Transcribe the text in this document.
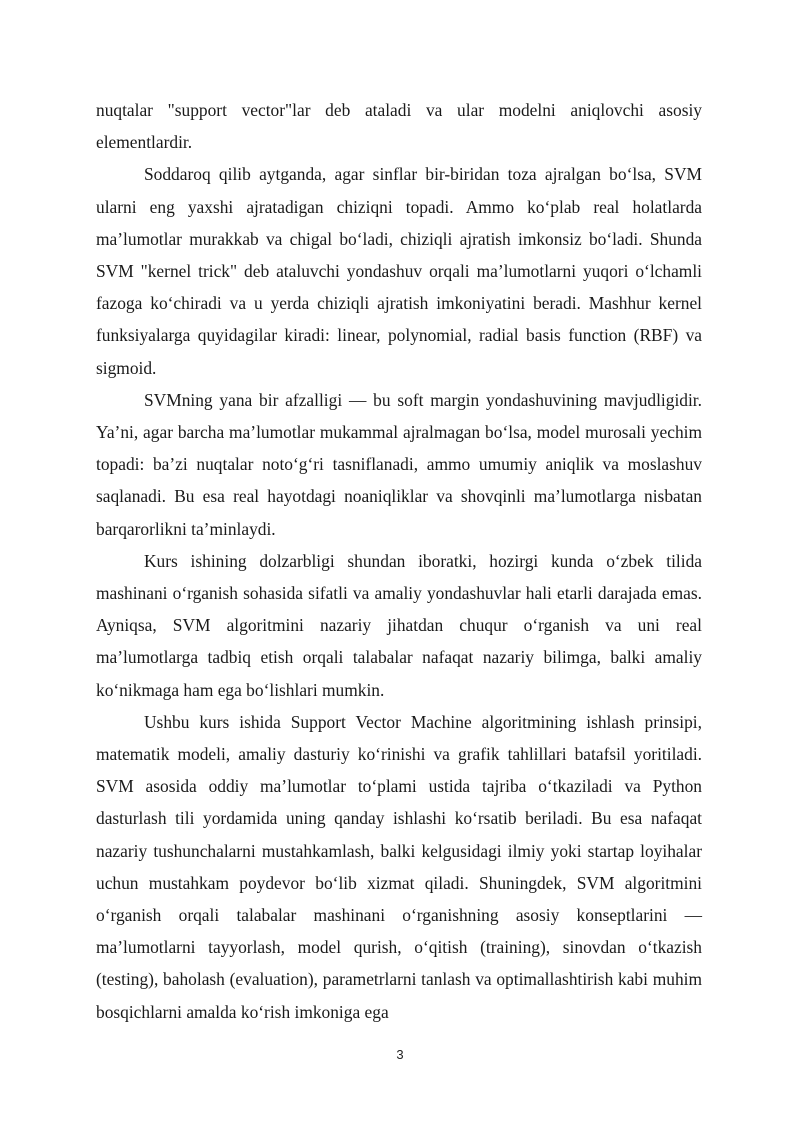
nuqtalar "support vector"lar deb ataladi va ular modelni aniqlovchi asosiy elementlardir.

Soddaroq qilib aytganda, agar sinflar bir-biridan toza ajralgan bo‘lsa, SVM ularni eng yaxshi ajratadigan chiziqni topadi. Ammo ko‘plab real holatlarda ma’lumotlar murakkab va chigal bo‘ladi, chiziqli ajratish imkonsiz bo‘ladi. Shunda SVM "kernel trick" deb ataluvchi yondashuv orqali ma’lumotlarni yuqori o‘lchamli fazoga ko‘chiradi va u yerda chiziqli ajratish imkoniyatini beradi. Mashhur kernel funksiyalarga quyidagilar kiradi: linear, polynomial, radial basis function (RBF) va sigmoid.

SVMning yana bir afzalligi — bu soft margin yondashuvining mavjudligidir. Ya’ni, agar barcha ma’lumotlar mukammal ajralmagan bo‘lsa, model murosali yechim topadi: ba’zi nuqtalar noto‘g‘ri tasniflanadi, ammo umumiy aniqlik va moslashuv saqlanadi. Bu esa real hayotdagi noaniqliklar va shovqinli ma’lumotlarga nisbatan barqarorlikni ta’minlaydi.

Kurs ishining dolzarbligi shundan iboratki, hozirgi kunda o‘zbek tilida mashinani o‘rganish sohasida sifatli va amaliy yondashuvlar hali etarli darajada emas. Ayniqsa, SVM algoritmini nazariy jihatdan chuqur o‘rganish va uni real ma’lumotlarga tadbiq etish orqali talabalar nafaqat nazariy bilimga, balki amaliy ko‘nikmaga ham ega bo‘lishlari mumkin.

Ushbu kurs ishida Support Vector Machine algoritmining ishlash prinsipi, matematik modeli, amaliy dasturiy ko‘rinishi va grafik tahlillari batafsil yoritiladi. SVM asosida oddiy ma’lumotlar to‘plami ustida tajriba o‘tkaziladi va Python dasturlash tili yordamida uning qanday ishlashi ko‘rsatib beriladi. Bu esa nafaqat nazariy tushunchalarni mustahkamlash, balki kelgusidagi ilmiy yoki startap loyihalar uchun mustahkam poydevor bo‘lib xizmat qiladi. Shuningdek, SVM algoritmini o‘rganish orqali talabalar mashinani o‘rganishning asosiy konseptlarini — ma’lumotlarni tayyorlash, model qurish, o‘qitish (training), sinovdan o‘tkazish (testing), baholash (evaluation), parametrlarni tanlash va optimallashtirish kabi muhim bosqichlarni amalda ko‘rish imkoniga ega

3
